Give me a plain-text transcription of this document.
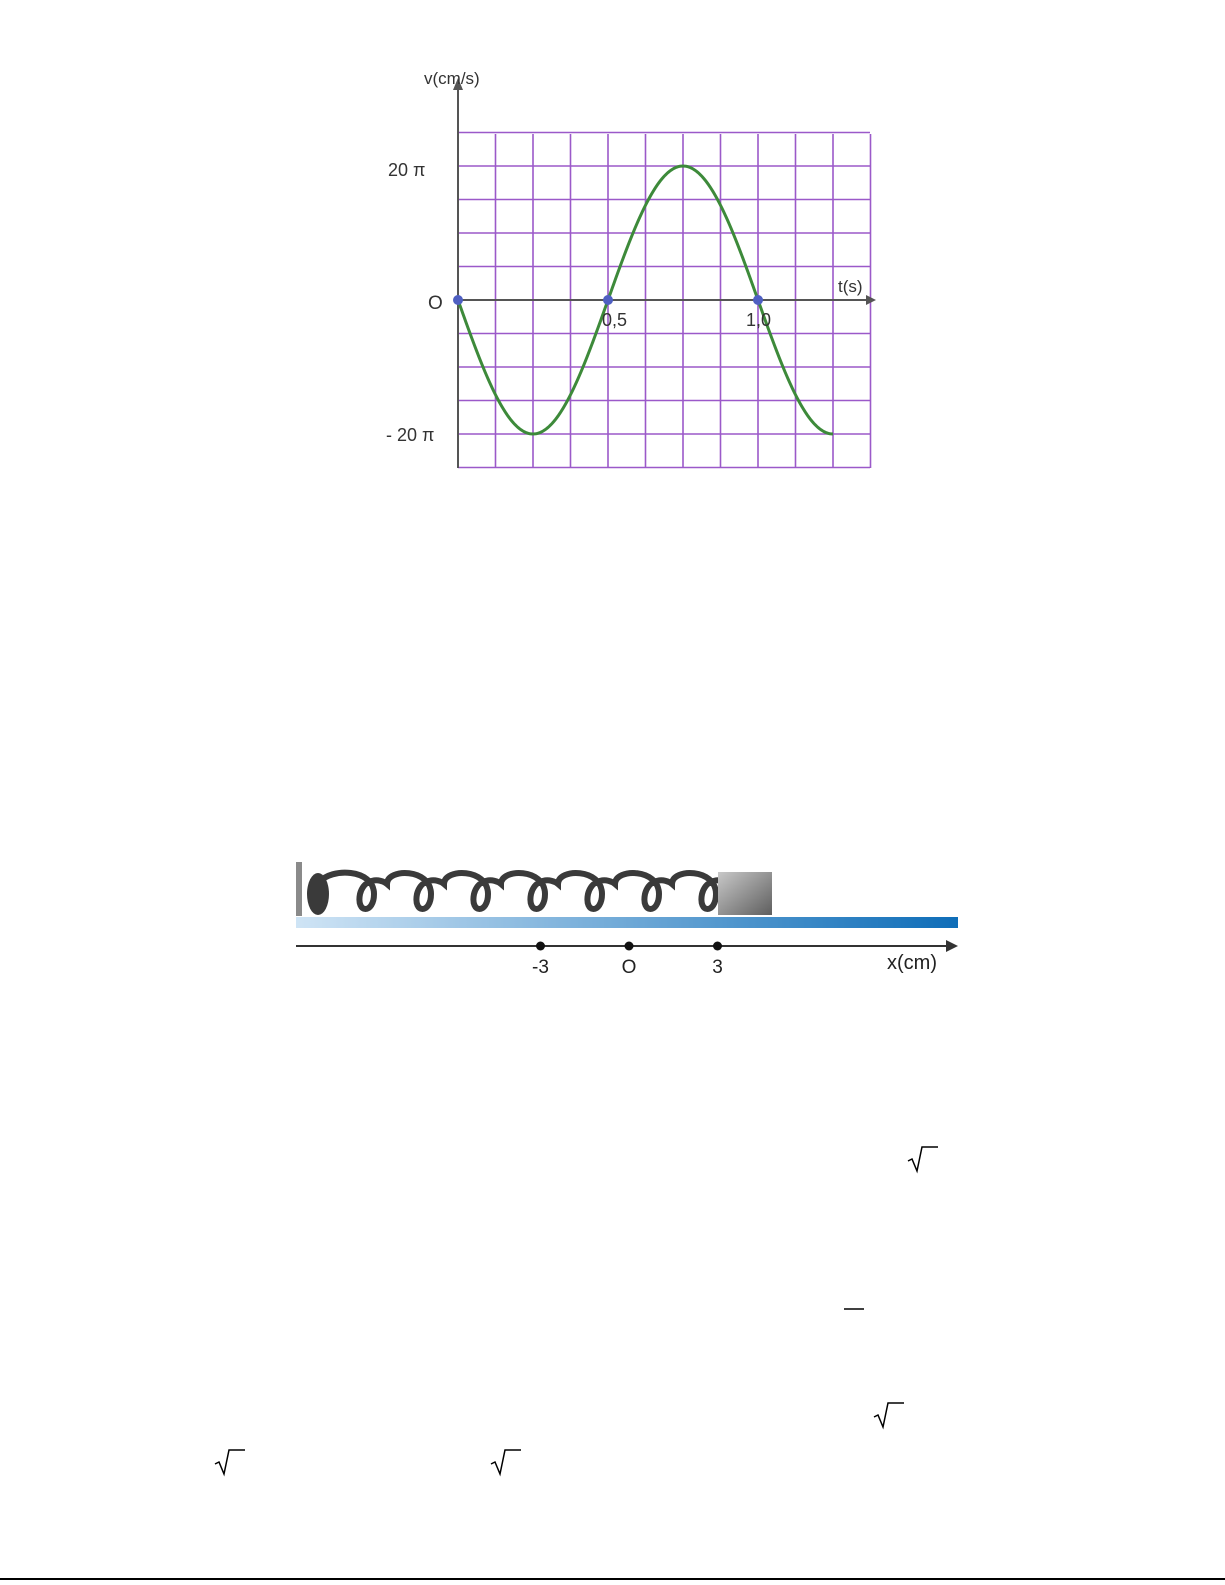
v(cm/s)
t(s)
O
20 π
- 20 π
0,5	1,0
-3	O	3	x(cm)
